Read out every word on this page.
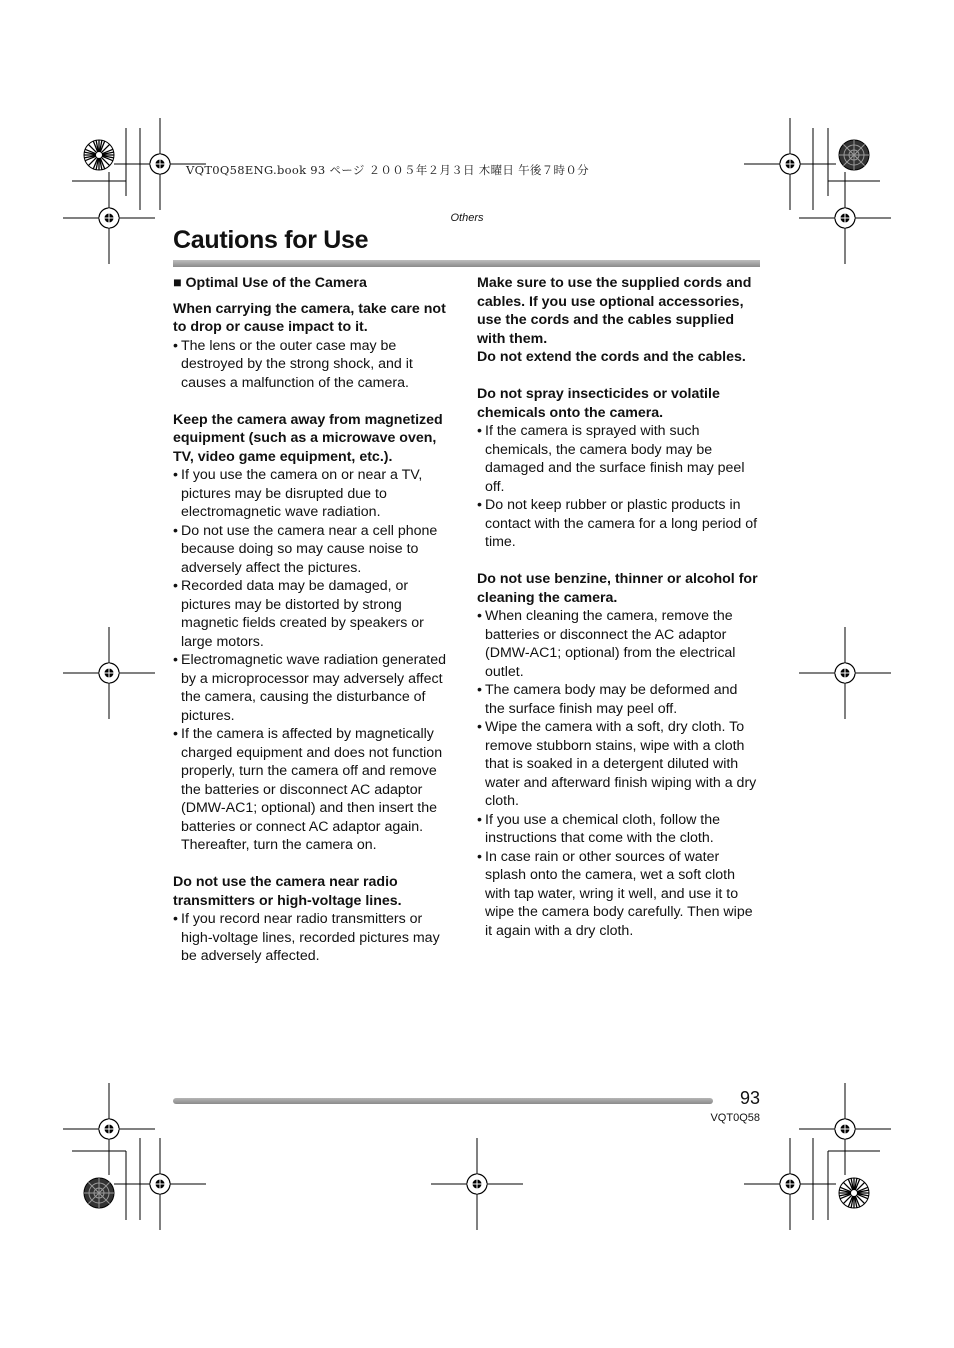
VQT0Q58ENG.book 93 ページ ２００５年２月３日 木曜日 午後７時０分
Others
Cautions for Use

■ Optimal Use of the Camera

When carrying the camera, take care not to drop or cause impact to it.

• The lens or the outer case may be destroyed by the strong shock, and it causes a malfunction of the camera.

Keep the camera away from magnetized equipment (such as a microwave oven, TV, video game equipment, etc.).

• If you use the camera on or near a TV, pictures may be disrupted due to electromagnetic wave radiation.

• Do not use the camera near a cell phone because doing so may cause noise to adversely affect the pictures.

• Recorded data may be damaged, or pictures may be distorted by strong magnetic fields created by speakers or large motors.

• Electromagnetic wave radiation generated by a microprocessor may adversely affect the camera, causing the disturbance of pictures.

• If the camera is affected by magnetically charged equipment and does not function properly, turn the camera off and remove the batteries or disconnect AC adaptor (DMW-AC1; optional) and then insert the batteries or connect AC adaptor again. Thereafter, turn the camera on.

Do not use the camera near radio transmitters or high-voltage lines.

• If you record near radio transmitters or high-voltage lines, recorded pictures may be adversely affected.

Make sure to use the supplied cords and cables. If you use optional accessories, use the cords and the cables supplied with them.

Do not extend the cords and the cables.

Do not spray insecticides or volatile chemicals onto the camera.

• If the camera is sprayed with such chemicals, the camera body may be damaged and the surface finish may peel off.

• Do not keep rubber or plastic products in contact with the camera for a long period of time.

Do not use benzine, thinner or alcohol for cleaning the camera.

• When cleaning the camera, remove the batteries or disconnect the AC adaptor (DMW-AC1; optional) from the electrical outlet.

• The camera body may be deformed and the surface finish may peel off.

• Wipe the camera with a soft, dry cloth. To remove stubborn stains, wipe with a cloth that is soaked in a detergent diluted with water and afterward finish wiping with a dry cloth.

• If you use a chemical cloth, follow the instructions that come with the cloth.

• In case rain or other sources of water splash onto the camera, wet a soft cloth with tap water, wring it well, and use it to wipe the camera body carefully. Then wipe it again with a dry cloth.

93
VQT0Q58
